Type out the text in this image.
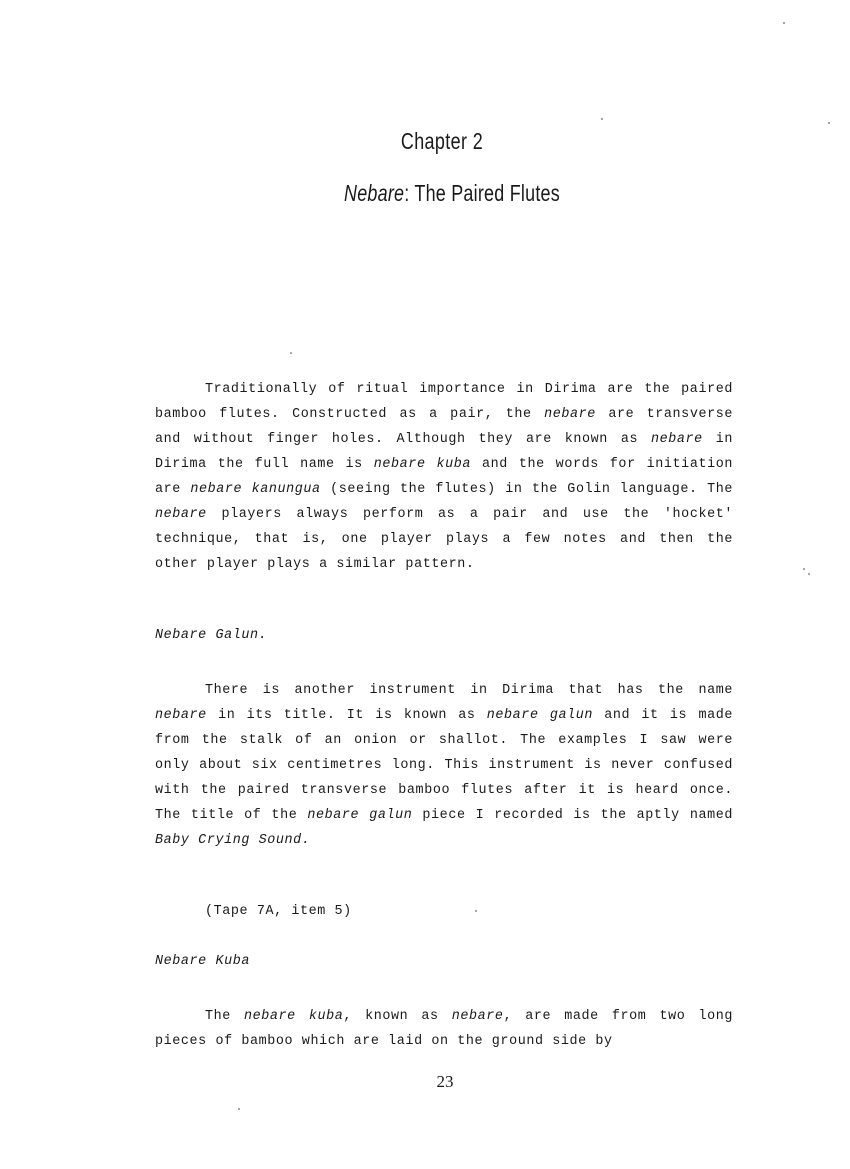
Chapter 2
Nebare: The Paired Flutes

Traditionally of ritual importance in Dirima are the paired bamboo flutes. Constructed as a pair, the nebare are transverse and without finger holes. Although they are known as nebare in Dirima the full name is nebare kuba and the words for initiation are nebare kanungua (seeing the flutes) in the Golin language. The nebare players always perform as a pair and use the 'hocket' technique, that is, one player plays a few notes and then the other player plays a similar pattern.

Nebare Galun.

There is another instrument in Dirima that has the name nebare in its title. It is known as nebare galun and it is made from the stalk of an onion or shallot. The examples I saw were only about six centimetres long. This instrument is never confused with the paired transverse bamboo flutes after it is heard once. The title of the nebare galun piece I recorded is the aptly named Baby Crying Sound.

(Tape 7A, item 5)

Nebare Kuba

The nebare kuba, known as nebare, are made from two long pieces of bamboo which are laid on the ground side by

23
